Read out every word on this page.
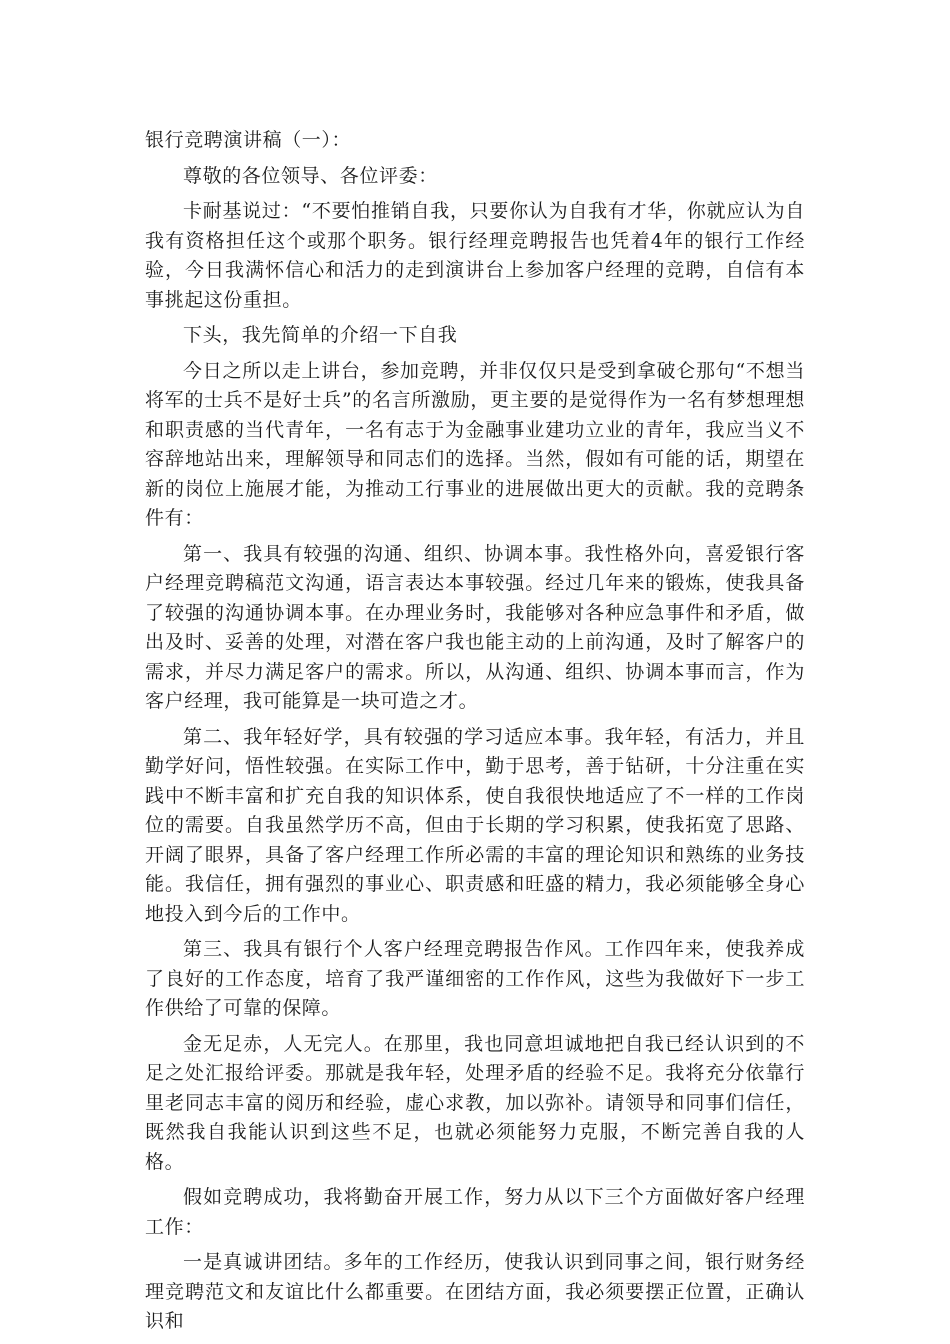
银行竞聘演讲稿（一）：

尊敬的各位领导、各位评委：

卡耐基说过：“不要怕推销自我，只要你认为自我有才华，你就应认为自我有资格担任这个或那个职务。银行经理竞聘报告也凭着4年的银行工作经验，今日我满怀信心和活力的走到演讲台上参加客户经理的竞聘，自信有本事挑起这份重担。

下头，我先简单的介绍一下自我

今日之所以走上讲台，参加竞聘，并非仅仅只是受到拿破仑那句“不想当将军的士兵不是好士兵”的名言所激励，更主要的是觉得作为一名有梦想理想和职责感的当代青年，一名有志于为金融事业建功立业的青年，我应当义不容辞地站出来，理解领导和同志们的选择。当然，假如有可能的话，期望在新的岗位上施展才能，为推动工行事业的进展做出更大的贡献。我的竞聘条件有：

第一、我具有较强的沟通、组织、协调本事。我性格外向，喜爱银行客户经理竞聘稿范文沟通，语言表达本事较强。经过几年来的锻炼，使我具备了较强的沟通协调本事。在办理业务时，我能够对各种应急事件和矛盾，做出及时、妥善的处理，对潜在客户我也能主动的上前沟通，及时了解客户的需求，并尽力满足客户的需求。所以，从沟通、组织、协调本事而言，作为客户经理，我可能算是一块可造之才。

第二、我年轻好学，具有较强的学习适应本事。我年轻，有活力，并且勤学好问，悟性较强。在实际工作中，勤于思考，善于钻研，十分注重在实践中不断丰富和扩充自我的知识体系，使自我很快地适应了不一样的工作岗位的需要。自我虽然学历不高，但由于长期的学习积累，使我拓宽了思路、开阔了眼界，具备了客户经理工作所必需的丰富的理论知识和熟练的业务技能。我信任，拥有强烈的事业心、职责感和旺盛的精力，我必须能够全身心地投入到今后的工作中。

第三、我具有银行个人客户经理竞聘报告作风。工作四年来，使我养成了良好的工作态度，培育了我严谨细密的工作作风，这些为我做好下一步工作供给了可靠的保障。

金无足赤，人无完人。在那里，我也同意坦诚地把自我已经认识到的不足之处汇报给评委。那就是我年轻，处理矛盾的经验不足。我将充分依靠行里老同志丰富的阅历和经验，虚心求教，加以弥补。请领导和同事们信任，既然我自我能认识到这些不足，也就必须能努力克服，不断完善自我的人格。

假如竞聘成功，我将勤奋开展工作，努力从以下三个方面做好客户经理工作：

一是真诚讲团结。多年的工作经历，使我认识到同事之间，银行财务经理竞聘范文和友谊比什么都重要。在团结方面，我必须要摆正位置，正确认识和
